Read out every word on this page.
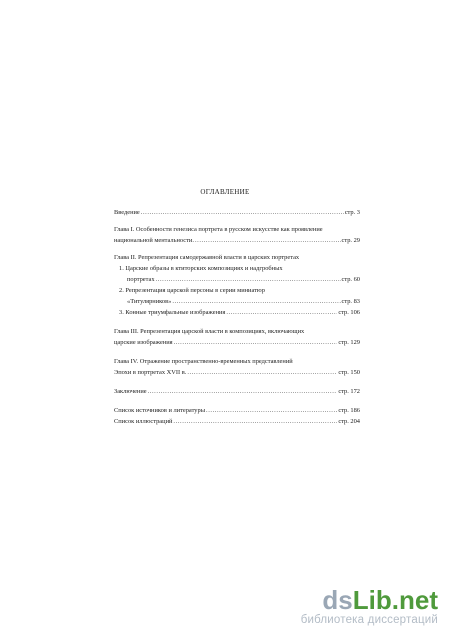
ОГЛАВЛЕНИЕ
Введение .....	стр. 3
Глава I. Особенности генезиса портрета в русском искусстве как проявление
национальной ментальности. .....	стр. 29
Глава II. Репрезентация самодержавной власти в царских портретах
1. Царские образы в ктиторских композициях и надгробных
портретах .....	стр. 60
2. Репрезентация царской персоны в серии миниатюр
«Титулярников» .....	стр. 83
3. Конные триумфальные изображения .....	стр. 106
Глава III. Репрезентация царской власти в композициях, включающих
царские изображения .....	стр. 129
Глава IV. Отражение пространственно-временных представлений
Эпохи в портретах XVII в. .....	стр. 150
Заключение .....	стр. 172
Список источников и литературы .....	стр. 186
Список иллюстраций .....	стр. 204
dsLib.net
библиотека диссертаций
